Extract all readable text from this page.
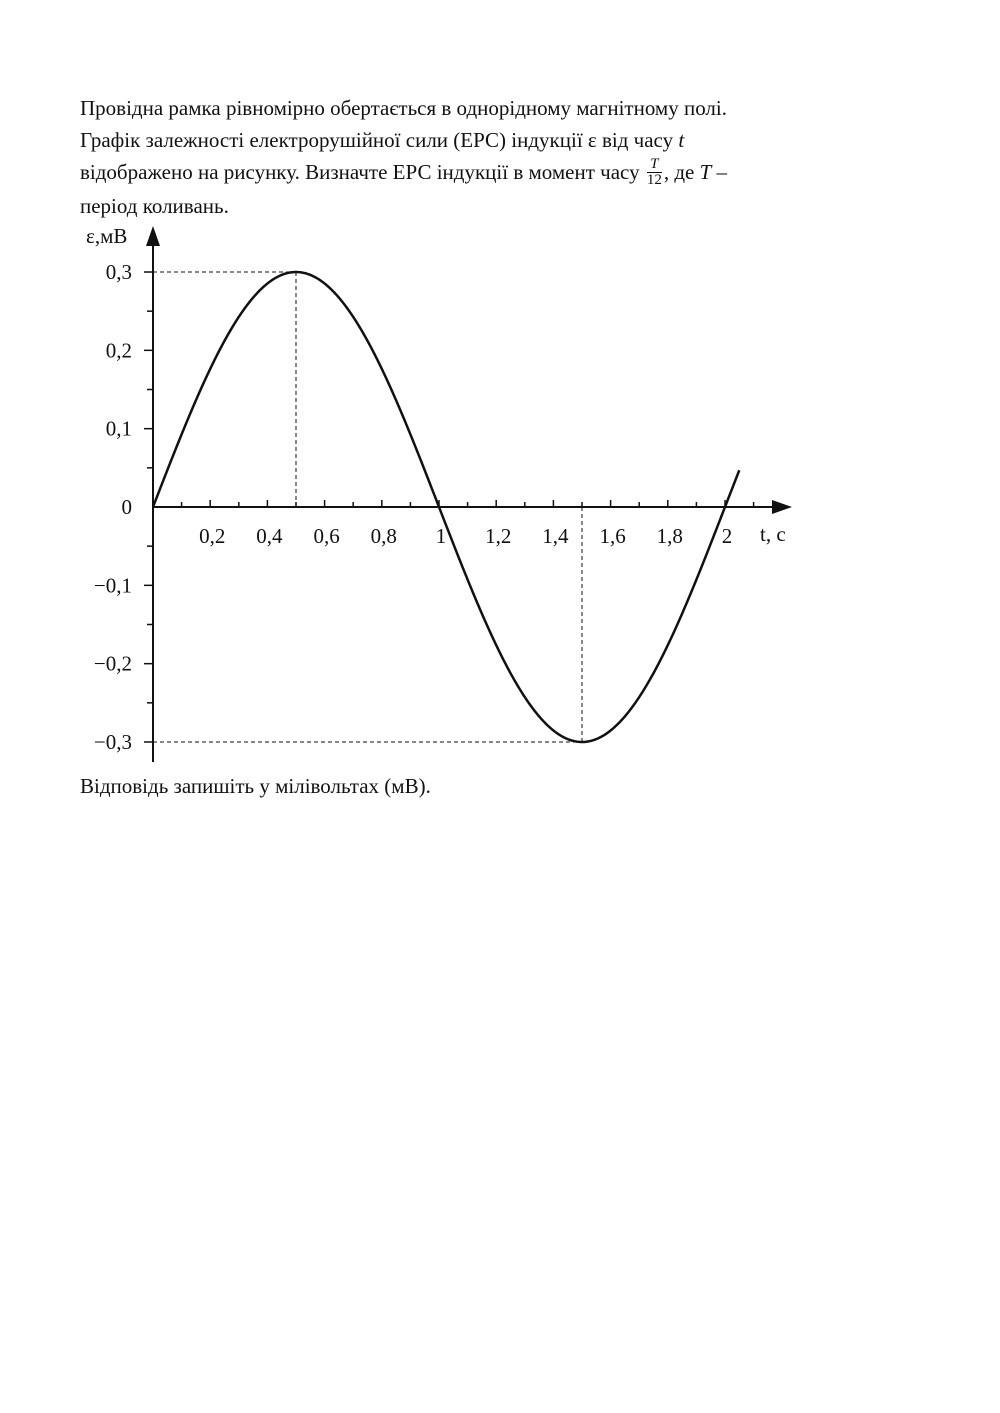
Провідна рамка рівномірно обертається в однорідному магнітному полі.

Графік залежності електрорушійної сили (ЕРС) індукції ε від часу t

відображено на рисунку. Визначте ЕРС індукції в момент часу $\frac{T}{12}$ , де T –

період коливань.

0,3
0,2
0,1
0
−0,1
−0,2
−0,3
0,2 0,4 0,6 0,8 1 1,2 1,4 1,6 1,8 2 t, с
ε,мВ
Відповідь запишіть у мілівольтах (мВ).
